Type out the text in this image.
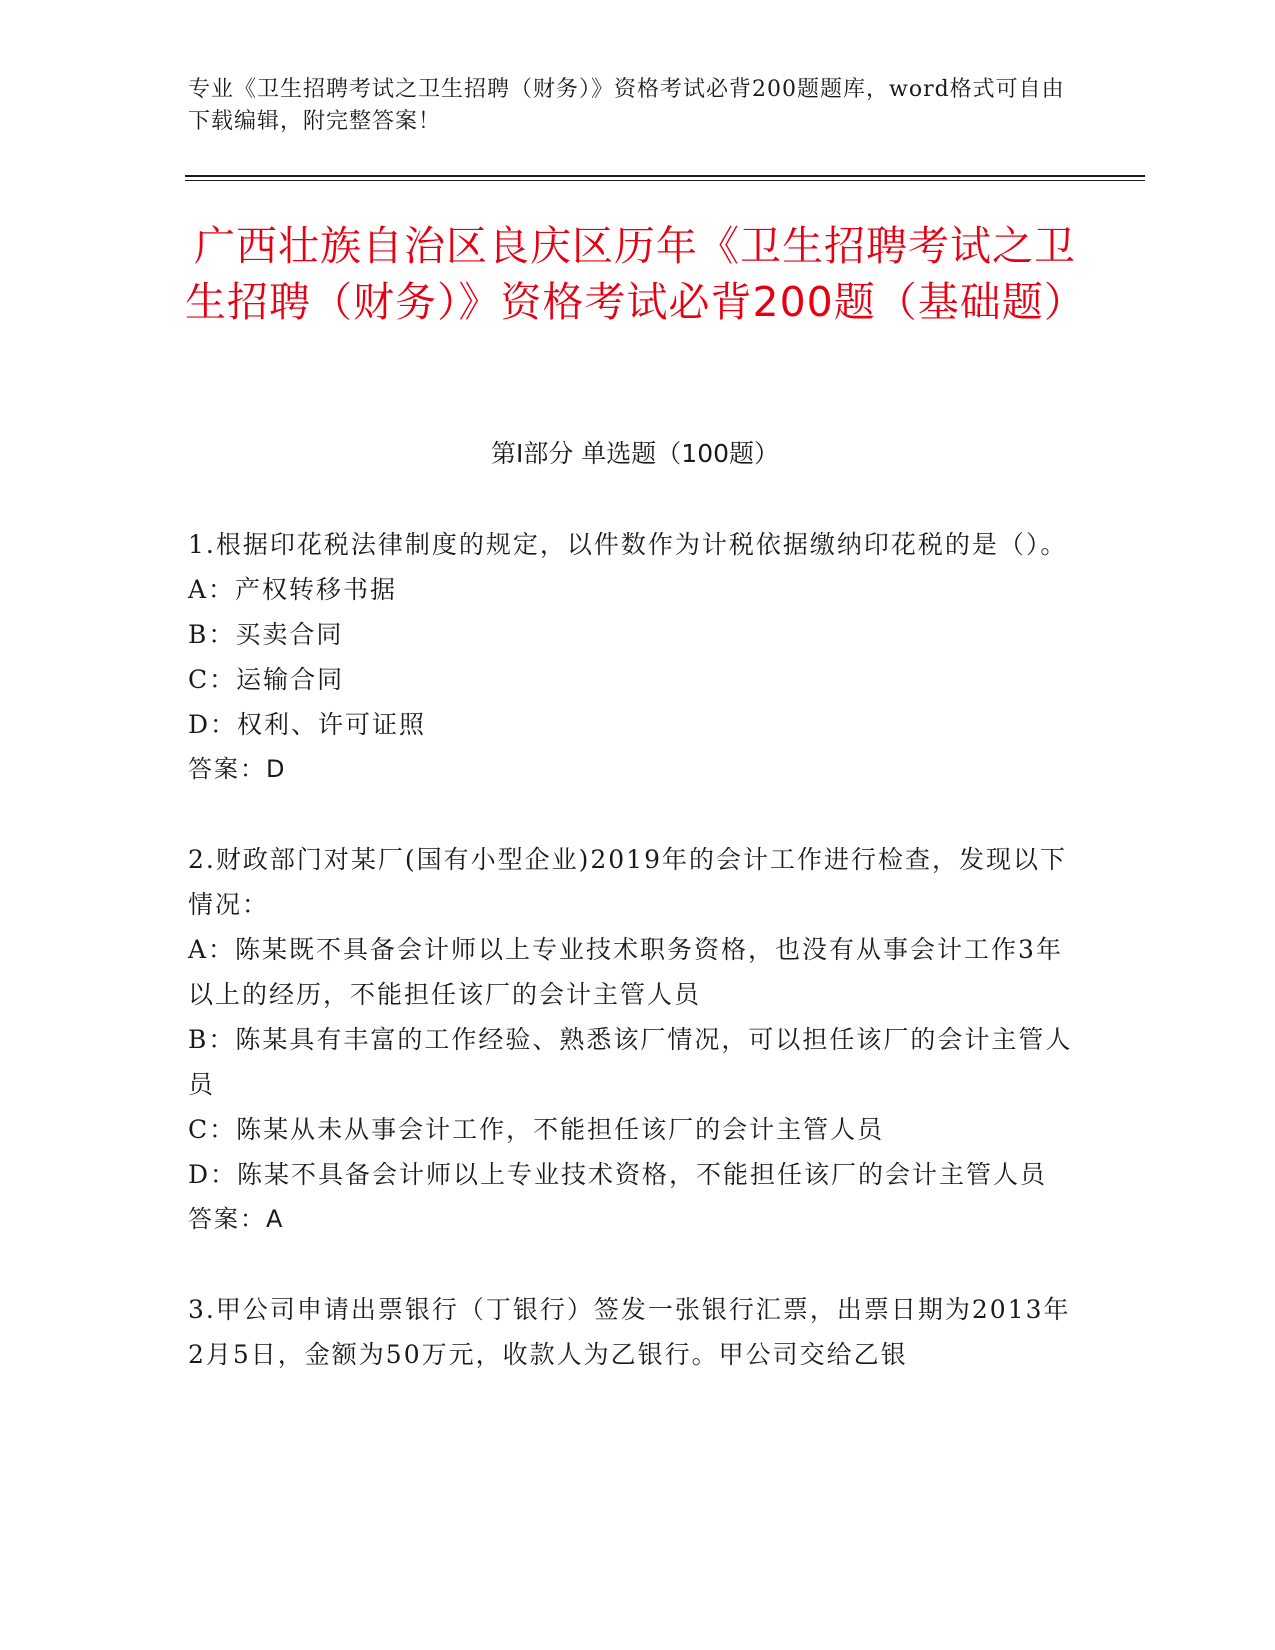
专业《卫生招聘考试之卫生招聘（财务）》资格考试必背200题题库，word格式可自由下载编辑，附完整答案！
广西壮族自治区良庆区历年《卫生招聘考试之卫生招聘（财务）》资格考试必背200题（基础题）
第Ⅰ部分 单选题（100题）

1.根据印花税法律制度的规定，以件数作为计税依据缴纳印花税的是（）。

A：产权转移书据

B：买卖合同

C：运输合同

D：权利、许可证照

答案：D

2.财政部门对某厂(国有小型企业)2019年的会计工作进行检查，发现以下情况：

A：陈某既不具备会计师以上专业技术职务资格，也没有从事会计工作3年以上的经历，不能担任该厂的会计主管人员

B：陈某具有丰富的工作经验、熟悉该厂情况，可以担任该厂的会计主管人员

C：陈某从未从事会计工作，不能担任该厂的会计主管人员

D：陈某不具备会计师以上专业技术资格，不能担任该厂的会计主管人员

答案：A

3.甲公司申请出票银行（丁银行）签发一张银行汇票，出票日期为2013年2月5日，金额为50万元，收款人为乙银行。甲公司交给乙银
